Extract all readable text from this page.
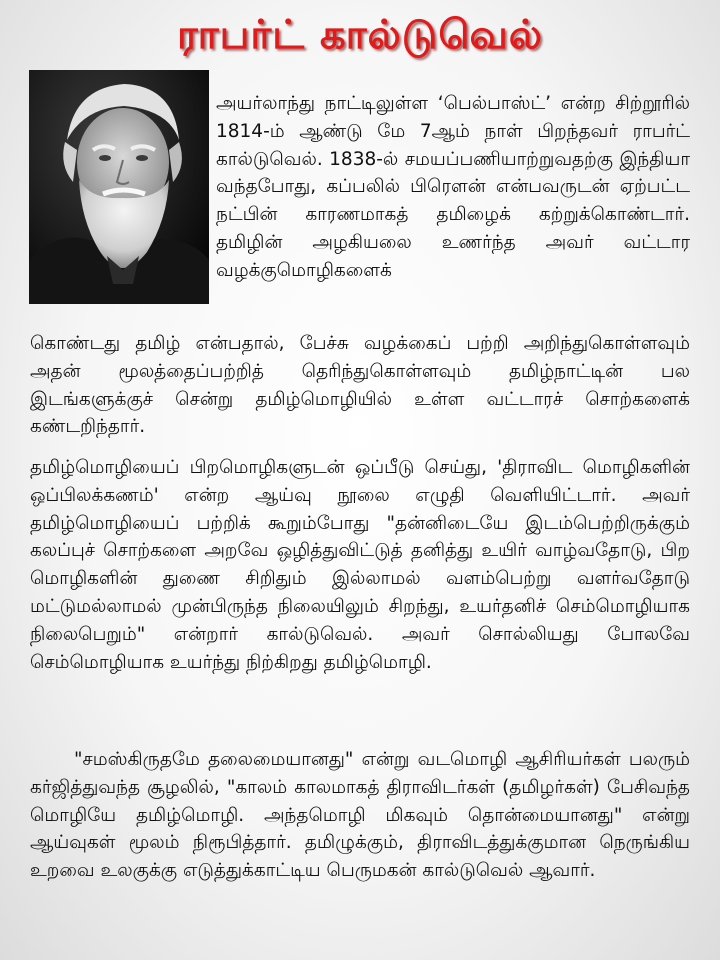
ராபர்ட் கால்டுவெல்
அயர்லாந்து நாட்டிலுள்ள ‘பெல்பாஸ்ட்’ என்ற சிற்றூரில் 1814-ம் ஆண்டு மே 7ஆம் நாள் பிறந்தவர் ராபர்ட் கால்டுவெல். 1838-ல் சமயப்பணியாற்றுவதற்கு இந்தியா வந்தபோது, கப்பலில் பிரௌன் என்பவருடன் ஏற்பட்ட நட்பின் காரணமாகத் தமிழைக் கற்றுக்கொண்டார். தமிழின் அழகியலை உணர்ந்த அவர் வட்டார வழக்குமொழிகளைக்
கொண்டது தமிழ் என்பதால், பேச்சு வழக்கைப் பற்றி அறிந்துகொள்ளவும் அதன் மூலத்தைப்பற்றித் தெரிந்துகொள்ளவும் தமிழ்நாட்டின் பல இடங்களுக்குச் சென்று தமிழ்மொழியில் உள்ள வட்டாரச் சொற்களைக் கண்டறிந்தார்.
தமிழ்மொழியைப் பிறமொழிகளுடன் ஒப்பீடு செய்து, 'திராவிட மொழிகளின் ஒப்பிலக்கணம்' என்ற ஆய்வு நூலை எழுதி வெளியிட்டார். அவர் தமிழ்மொழியைப் பற்றிக் கூறும்போது "தன்னிடையே இடம்பெற்றிருக்கும் கலப்புச் சொற்களை அறவே ஒழித்துவிட்டுத் தனித்து உயிர் வாழ்வதோடு, பிற மொழிகளின் துணை சிறிதும் இல்லாமல் வளம்பெற்று வளர்வதோடு மட்டுமல்லாமல் முன்பிருந்த நிலையிலும் சிறந்து, உயர்தனிச் செம்மொழியாக நிலைபெறும்" என்றார் கால்டுவெல். அவர் சொல்லியது போலவே செம்மொழியாக உயர்ந்து நிற்கிறது தமிழ்மொழி.
"சமஸ்கிருதமே தலைமையானது" என்று வடமொழி ஆசிரியர்கள் பலரும் கர்ஜித்துவந்த சூழலில், "காலம் காலமாகத் திராவிடர்கள் (தமிழர்கள்) பேசிவந்த மொழியே தமிழ்மொழி. அந்தமொழி மிகவும் தொன்மையானது" என்று ஆய்வுகள் மூலம் நிரூபித்தார். தமிழுக்கும், திராவிடத்துக்குமான நெருங்கிய உறவை உலகுக்கு எடுத்துக்காட்டிய பெருமகன் கால்டுவெல் ஆவார்.
